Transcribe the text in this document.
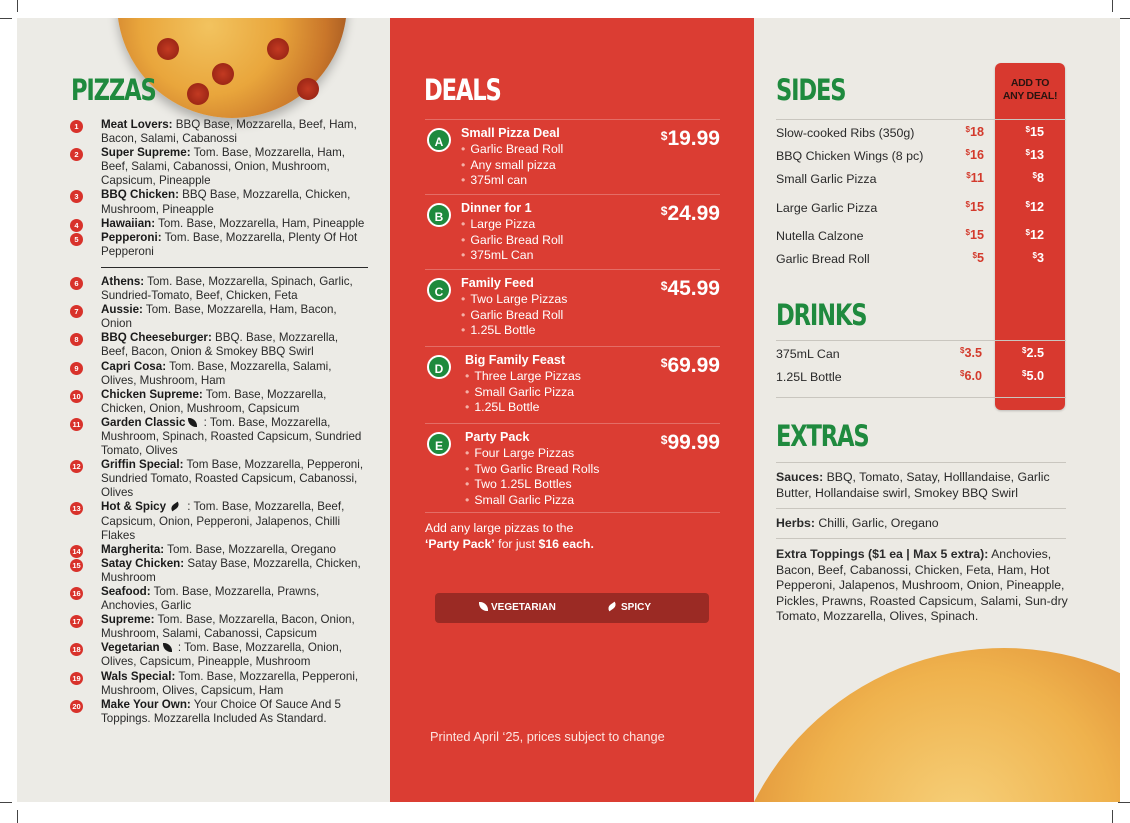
PIZZAS
1	Meat Lovers: BBQ Base, Mozzarella, Beef, Ham, Bacon, Salami, Cabanossi
2	Super Supreme: Tom. Base, Mozzarella, Ham, Beef, Salami, Cabanossi, Onion, Mushroom, Capsicum, Pineapple
3	BBQ Chicken: BBQ Base, Mozzarella, Chicken, Mushroom, Pineapple
4	Hawaiian: Tom. Base, Mozzarella, Ham, Pineapple
5	Pepperoni: Tom. Base, Mozzarella, Plenty Of Hot Pepperoni
6	Athens: Tom. Base, Mozzarella, Spinach, Garlic, Sundried-Tomato, Beef, Chicken, Feta
7	Aussie: Tom. Base, Mozzarella, Ham, Bacon, Onion
8	BBQ Cheeseburger: BBQ. Base, Mozzarella, Beef, Bacon, Onion & Smokey BBQ Swirl
9	Capri Cosa: Tom. Base, Mozzarella, Salami, Olives, Mushroom, Ham
10 Chicken Supreme: Tom. Base, Mozzarella, Chicken, Onion, Mushroom, Capsicum
11 Garden Classic : Tom. Base, Mozzarella, Mushroom, Spinach, Roasted Capsicum, Sundried Tomato, Olives
12 Griffin Special: Tom Base, Mozzarella, Pepperoni, Sundried Tomato, Roasted Capsicum, Cabanossi, Olives
13 Hot & Spicy : Tom. Base, Mozzarella, Beef, Capsicum, Onion, Pepperoni, Jalapenos, Chilli Flakes
14 Margherita: Tom. Base, Mozzarella, Oregano
15 Satay Chicken: Satay Base, Mozzarella, Chicken, Mushroom
16 Seafood: Tom. Base, Mozzarella, Prawns, Anchovies, Garlic
17 Supreme: Tom. Base, Mozzarella, Bacon, Onion, Mushroom, Salami, Cabanossi, Capsicum
18 Vegetarian : Tom. Base, Mozzarella, Onion, Olives, Capsicum, Pineapple, Mushroom
19 Wals Special: Tom. Base, Mozzarella, Pepperoni, Mushroom, Olives, Capsicum, Ham
20 Make Your Own: Your Choice Of Sauce And 5 Toppings. Mozzarella Included As Standard.
DEALS
A
Small Pizza Deal
• Garlic Bread Roll
• Any small pizza
• 375ml can
$19.99
B
Dinner for 1
• Large Pizza
• Garlic Bread Roll
• 375mL Can
$24.99
C
Family Feed
• Two Large Pizzas
• Garlic Bread Roll
• 1.25L Bottle
$45.99
D
Big Family Feast
• Three Large Pizzas
• Small Garlic Pizza
• 1.25L Bottle
$69.99
E
Party Pack
• Four Large Pizzas
• Two Garlic Bread Rolls
• Two 1.25L Bottles
• Small Garlic Pizza
$99.99
Add any large pizzas to the
‘Party Pack’ for just $16 each.
VEGETARIAN	SPICY
Printed April ‘25, prices subject to change
ADD TO
ANY DEAL!
SIDES
Slow-cooked Ribs (350g)	$18	$15
BBQ Chicken Wings (8 pc)	$16	$13
Small Garlic Pizza	$11	$8
Large Garlic Pizza	$15	$12
Nutella Calzone	$15	$12
Garlic Bread Roll	$5	$3
DRINKS
375mL Can	$3.5	$2.5
1.25L Bottle	$6.0	$5.0
EXTRAS
Sauces: BBQ, Tomato, Satay, Holllandaise, Garlic Butter, Hollandaise swirl, Smokey BBQ Swirl
Herbs: Chilli, Garlic, Oregano
Extra Toppings ($1 ea | Max 5 extra): Anchovies, Bacon, Beef, Cabanossi, Chicken, Feta, Ham, Hot Pepperoni, Jalapenos, Mushroom, Onion, Pineapple, Pickles, Prawns, Roasted Capsicum, Salami, Sun-dry Tomato, Mozzarella, Olives, Spinach.
